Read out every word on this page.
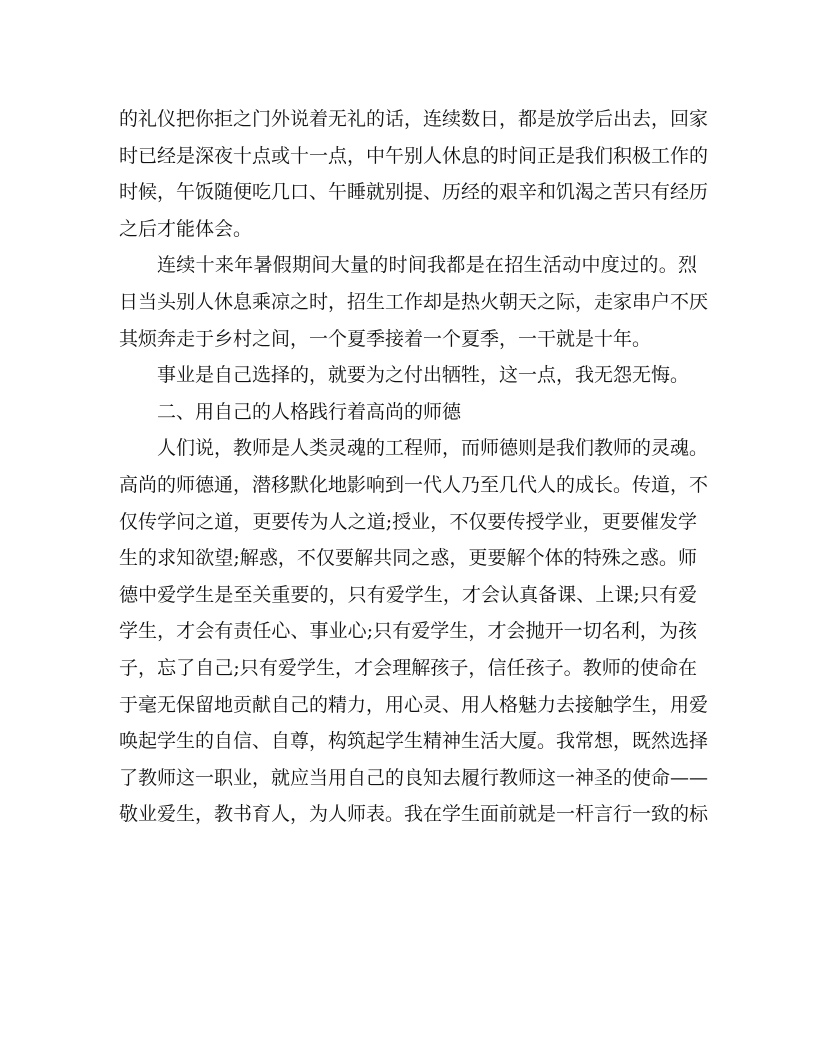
的礼仪把你拒之门外说着无礼的话，连续数日，都是放学后出去，回家
时已经是深夜十点或十一点，中午别人休息的时间正是我们积极工作的
时候，午饭随便吃几口、午睡就别提、历经的艰辛和饥渴之苦只有经历
之后才能体会。
连续十来年暑假期间大量的时间我都是在招生活动中度过的。烈
日当头别人休息乘凉之时，招生工作却是热火朝天之际，走家串户不厌
其烦奔走于乡村之间，一个夏季接着一个夏季，一干就是十年。
事业是自己选择的，就要为之付出牺牲，这一点，我无怨无悔。
二、用自己的人格践行着高尚的师德
人们说，教师是人类灵魂的工程师，而师德则是我们教师的灵魂。
高尚的师德通，潜移默化地影响到一代人乃至几代人的成长。传道，不
仅传学问之道，更要传为人之道;授业，不仅要传授学业，更要催发学
生的求知欲望;解惑，不仅要解共同之惑，更要解个体的特殊之惑。师
德中爱学生是至关重要的，只有爱学生，才会认真备课、上课;只有爱
学生，才会有责任心、事业心;只有爱学生，才会抛开一切名利，为孩
子，忘了自己;只有爱学生，才会理解孩子，信任孩子。教师的使命在
于毫无保留地贡献自己的精力，用心灵、用人格魅力去接触学生，用爱
唤起学生的自信、自尊，构筑起学生精神生活大厦。我常想，既然选择
了教师这一职业，就应当用自己的良知去履行教师这一神圣的使命——
敬业爱生，教书育人，为人师表。我在学生面前就是一杆言行一致的标
